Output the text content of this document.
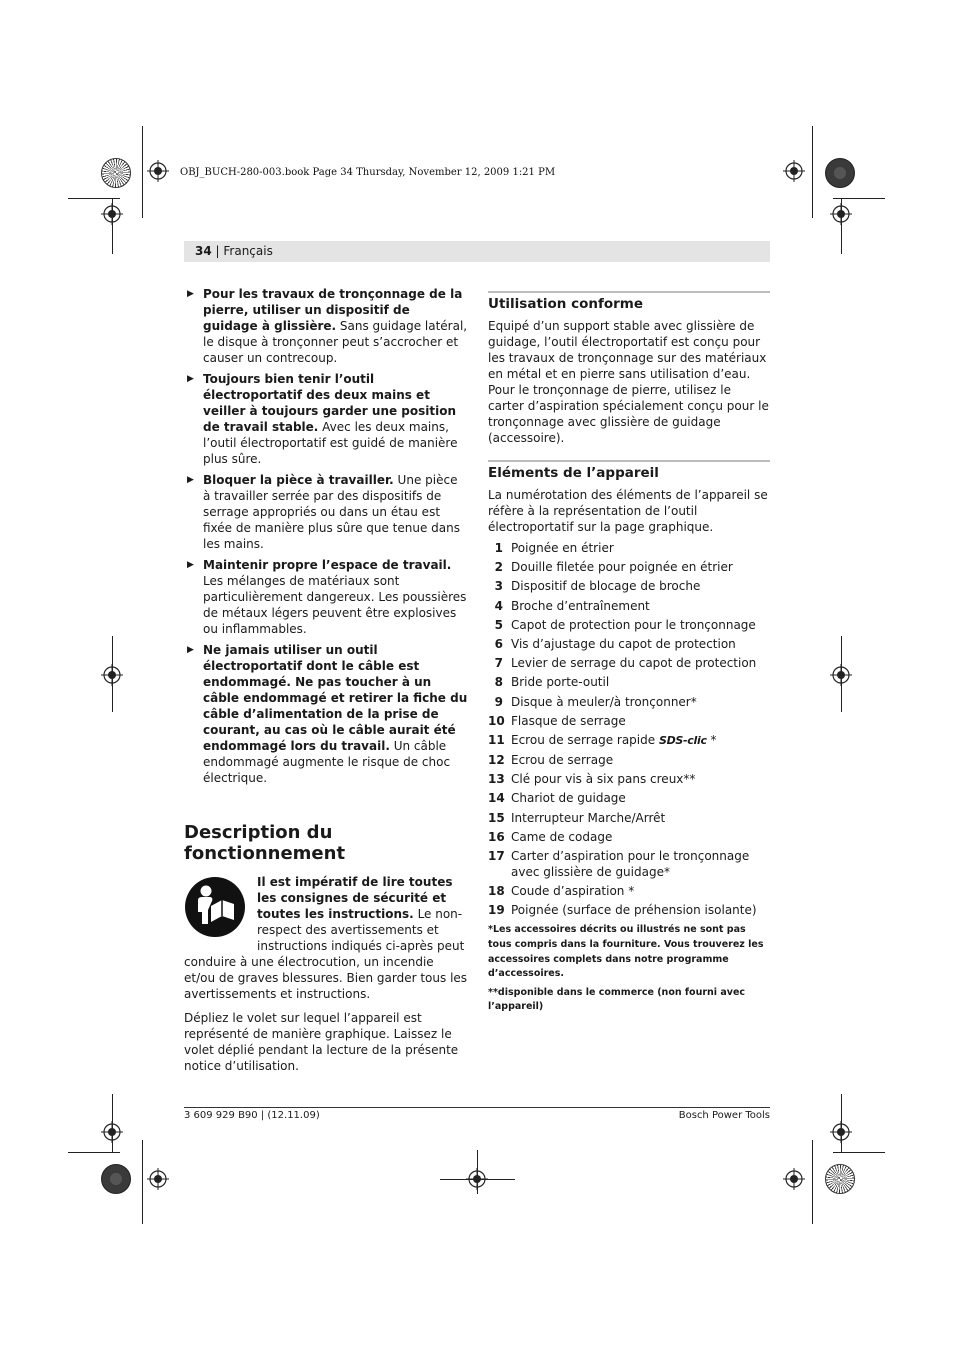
OBJ_BUCH-280-003.book Page 34 Thursday, November 12, 2009 1:21 PM
34 | Français
▶ Pour les travaux de tronçonnage de la pierre, utiliser un dispositif de guidage à glissière. Sans guidage latéral, le disque à tronçonner peut s’accrocher et causer un contrecoup.
▶ Toujours bien tenir l’outil électroportatif des deux mains et veiller à toujours garder une position de travail stable. Avec les deux mains, l’outil électroportatif est guidé de manière plus sûre.
▶ Bloquer la pièce à travailler. Une pièce à travailler serrée par des dispositifs de serrage appropriés ou dans un étau est fixée de manière plus sûre que tenue dans les mains.
▶ Maintenir propre l’espace de travail. Les mélanges de matériaux sont particulièrement dangereux. Les poussières de métaux légers peuvent être explosives ou inflammables.
▶ Ne jamais utiliser un outil électroportatif dont le câble est endommagé. Ne pas toucher à un câble endommagé et retirer la fiche du câble d’alimentation de la prise de courant, au cas où le câble aurait été endommagé lors du travail. Un câble endommagé augmente le risque de choc électrique.
Description du fonctionnement
Il est impératif de lire toutes les consignes de sécurité et toutes les instructions. Le non-respect des avertissements et instructions indiqués ci-après peut conduire à une électrocution, un incendie et/ou de graves blessures. Bien garder tous les avertissements et instructions.

Dépliez le volet sur lequel l’appareil est représenté de manière graphique. Laissez le volet déplié pendant la lecture de la présente notice d’utilisation.

Utilisation conforme

Equipé d’un support stable avec glissière de guidage, l’outil électroportatif est conçu pour les travaux de tronçonnage sur des matériaux en métal et en pierre sans utilisation d’eau.

Pour le tronçonnage de pierre, utilisez le carter d’aspiration spécialement conçu pour le tronçonnage avec glissière de guidage (accessoire).

Eléments de l’appareil

La numérotation des éléments de l’appareil se réfère à la représentation de l’outil électroportatif sur la page graphique.

1 Poignée en étrier
2 Douille filetée pour poignée en étrier
3 Dispositif de blocage de broche
4 Broche d’entraînement
5 Capot de protection pour le tronçonnage
6 Vis d’ajustage du capot de protection
7 Levier de serrage du capot de protection
8 Bride porte-outil
9 Disque à meuler/à tronçonner*
10 Flasque de serrage
11 Ecrou de serrage rapide SDS-clic *
12 Ecrou de serrage
13 Clé pour vis à six pans creux**
14 Chariot de guidage
15 Interrupteur Marche/Arrêt
16 Came de codage
17 Carter d’aspiration pour le tronçonnage avec glissière de guidage*
18 Coude d’aspiration *
19 Poignée (surface de préhension isolante)

*Les accessoires décrits ou illustrés ne sont pas tous compris dans la fourniture. Vous trouverez les accessoires complets dans notre programme d’accessoires.

**disponible dans le commerce (non fourni avec l’appareil)

3 609 929 B90 | (12.11.09)	Bosch Power Tools
